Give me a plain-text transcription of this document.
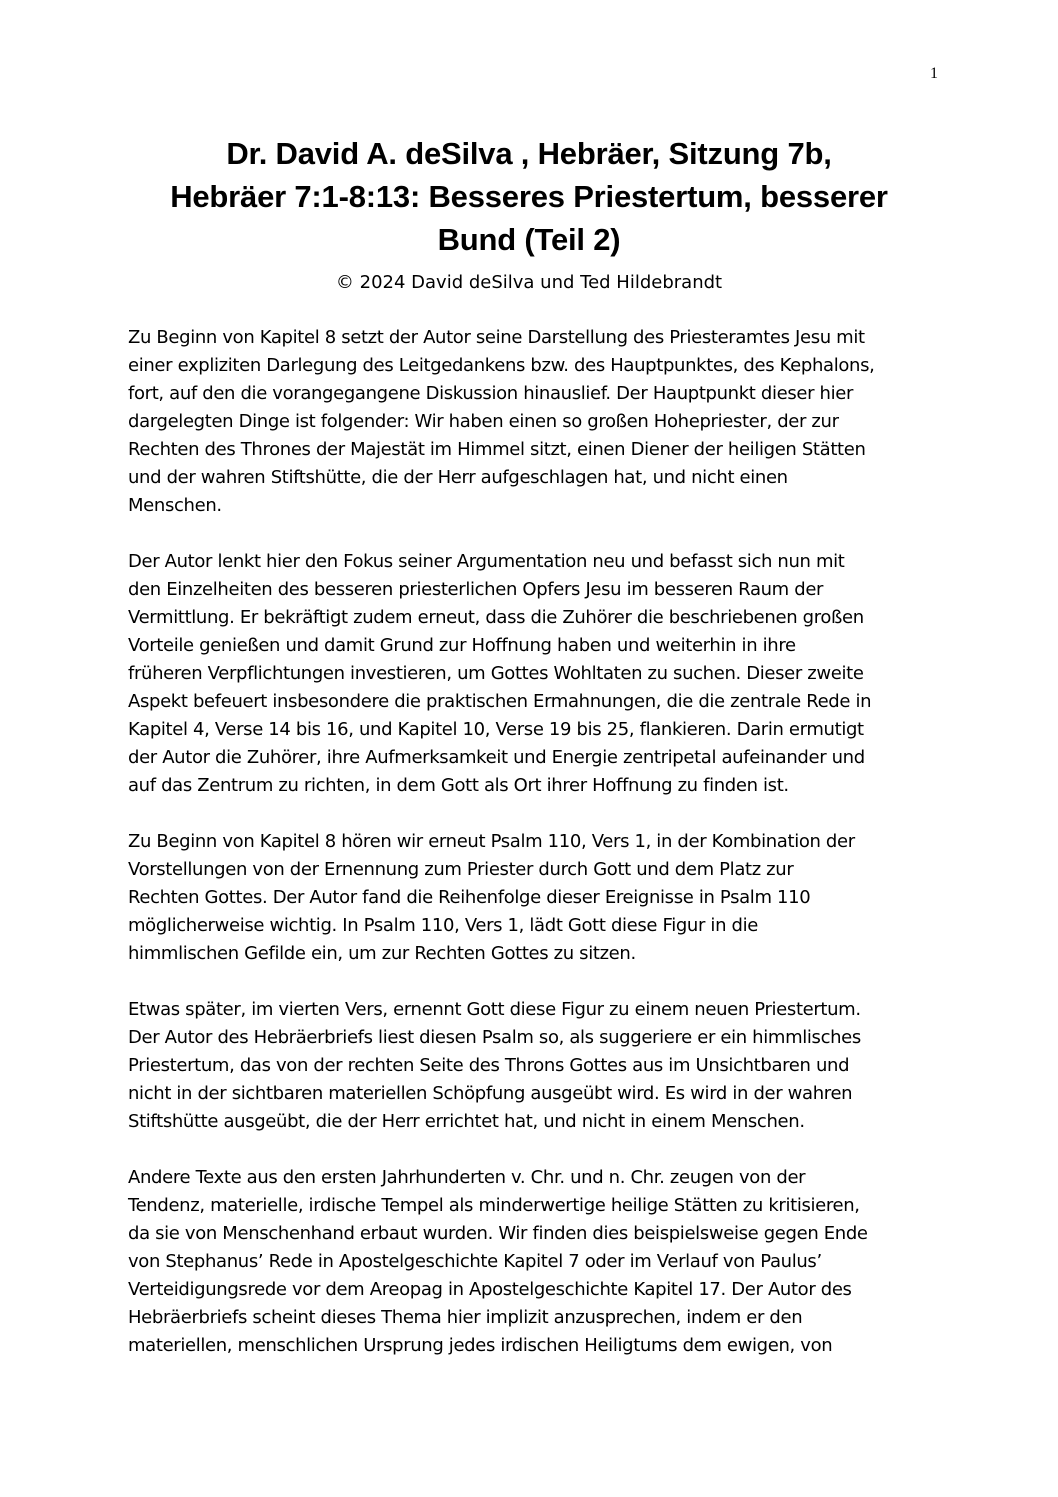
1
Dr. David A. deSilva , Hebräer, Sitzung 7b,
Hebräer 7:1-8:13: Besseres Priestertum, besserer
Bund (Teil 2)
© 2024 David deSilva und Ted Hildebrandt

Zu Beginn von Kapitel 8 setzt der Autor seine Darstellung des Priesteramtes Jesu mit
einer expliziten Darlegung des Leitgedankens bzw. des Hauptpunktes, des Kephalons,
fort, auf den die vorangegangene Diskussion hinauslief. Der Hauptpunkt dieser hier
dargelegten Dinge ist folgender: Wir haben einen so großen Hohepriester, der zur
Rechten des Thrones der Majestät im Himmel sitzt, einen Diener der heiligen Stätten
und der wahren Stiftshütte, die der Herr aufgeschlagen hat, und nicht einen
Menschen.

Der Autor lenkt hier den Fokus seiner Argumentation neu und befasst sich nun mit
den Einzelheiten des besseren priesterlichen Opfers Jesu im besseren Raum der
Vermittlung. Er bekräftigt zudem erneut, dass die Zuhörer die beschriebenen großen
Vorteile genießen und damit Grund zur Hoffnung haben und weiterhin in ihre
früheren Verpflichtungen investieren, um Gottes Wohltaten zu suchen. Dieser zweite
Aspekt befeuert insbesondere die praktischen Ermahnungen, die die zentrale Rede in
Kapitel 4, Verse 14 bis 16, und Kapitel 10, Verse 19 bis 25, flankieren. Darin ermutigt
der Autor die Zuhörer, ihre Aufmerksamkeit und Energie zentripetal aufeinander und
auf das Zentrum zu richten, in dem Gott als Ort ihrer Hoffnung zu finden ist.

Zu Beginn von Kapitel 8 hören wir erneut Psalm 110, Vers 1, in der Kombination der
Vorstellungen von der Ernennung zum Priester durch Gott und dem Platz zur
Rechten Gottes. Der Autor fand die Reihenfolge dieser Ereignisse in Psalm 110
möglicherweise wichtig. In Psalm 110, Vers 1, lädt Gott diese Figur in die
himmlischen Gefilde ein, um zur Rechten Gottes zu sitzen.

Etwas später, im vierten Vers, ernennt Gott diese Figur zu einem neuen Priestertum.
Der Autor des Hebräerbriefs liest diesen Psalm so, als suggeriere er ein himmlisches
Priestertum, das von der rechten Seite des Throns Gottes aus im Unsichtbaren und
nicht in der sichtbaren materiellen Schöpfung ausgeübt wird. Es wird in der wahren
Stiftshütte ausgeübt, die der Herr errichtet hat, und nicht in einem Menschen.

Andere Texte aus den ersten Jahrhunderten v. Chr. und n. Chr. zeugen von der
Tendenz, materielle, irdische Tempel als minderwertige heilige Stätten zu kritisieren,
da sie von Menschenhand erbaut wurden. Wir finden dies beispielsweise gegen Ende
von Stephanus’ Rede in Apostelgeschichte Kapitel 7 oder im Verlauf von Paulus’
Verteidigungsrede vor dem Areopag in Apostelgeschichte Kapitel 17. Der Autor des
Hebräerbriefs scheint dieses Thema hier implizit anzusprechen, indem er den
materiellen, menschlichen Ursprung jedes irdischen Heiligtums dem ewigen, von
